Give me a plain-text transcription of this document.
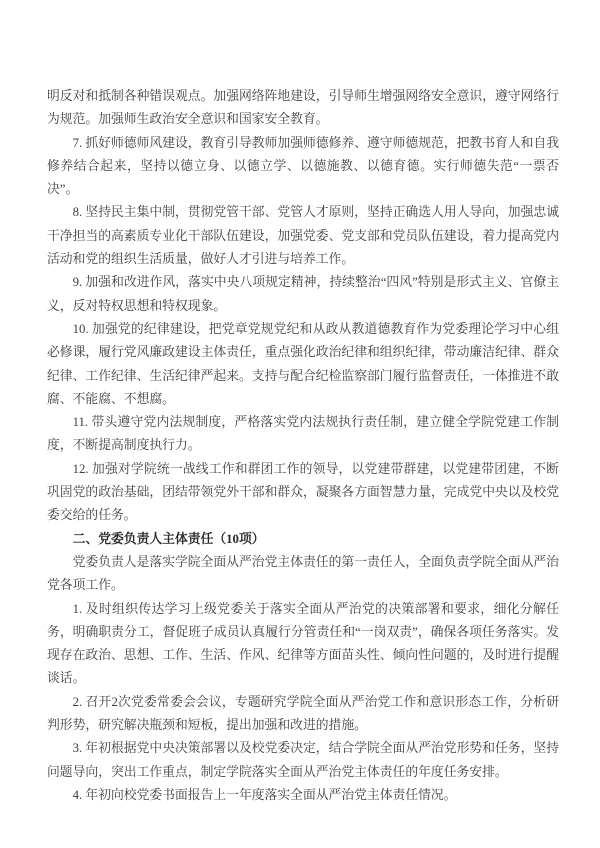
明反对和抵制各种错误观点。加强网络阵地建设，引导师生增强网络安全意识，遵守网络行为规范。加强师生政治安全意识和国家安全教育。

7. 抓好师德师风建设，教育引导教师加强师德修养、遵守师德规范，把教书育人和自我修养结合起来，坚持以德立身、以德立学、以德施教、以德育德。实行师德失范“一票否决”。

8. 坚持民主集中制，贯彻党管干部、党管人才原则，坚持正确选人用人导向，加强忠诚干净担当的高素质专业化干部队伍建设，加强党委、党支部和党员队伍建设，着力提高党内活动和党的组织生活质量，做好人才引进与培养工作。

9. 加强和改进作风，落实中央八项规定精神，持续整治“四风”特别是形式主义、官僚主义，反对特权思想和特权现象。

10. 加强党的纪律建设，把党章党规党纪和从政从教道德教育作为党委理论学习中心组必修课，履行党风廉政建设主体责任，重点强化政治纪律和组织纪律，带动廉洁纪律、群众纪律、工作纪律、生活纪律严起来。支持与配合纪检监察部门履行监督责任，一体推进不敢腐、不能腐、不想腐。

11. 带头遵守党内法规制度，严格落实党内法规执行责任制，建立健全学院党建工作制度，不断提高制度执行力。

12. 加强对学院统一战线工作和群团工作的领导，以党建带群建，以党建带团建，不断巩固党的政治基础，团结带领党外干部和群众，凝聚各方面智慧力量，完成党中央以及校党委交给的任务。

二、党委负责人主体责任（10项）

党委负责人是落实学院全面从严治党主体责任的第一责任人，全面负责学院全面从严治党各项工作。

1. 及时组织传达学习上级党委关于落实全面从严治党的决策部署和要求，细化分解任务，明确职责分工，督促班子成员认真履行分管责任和“一岗双责”，确保各项任务落实。发现存在政治、思想、工作、生活、作风、纪律等方面苗头性、倾向性问题的，及时进行提醒谈话。

2. 召开2次党委常委会会议，专题研究学院全面从严治党工作和意识形态工作，分析研判形势，研究解决瓶颈和短板，提出加强和改进的措施。

3. 年初根据党中央决策部署以及校党委决定，结合学院全面从严治党形势和任务，坚持问题导向，突出工作重点，制定学院落实全面从严治党主体责任的年度任务安排。

4. 年初向校党委书面报告上一年度落实全面从严治党主体责任情况。
